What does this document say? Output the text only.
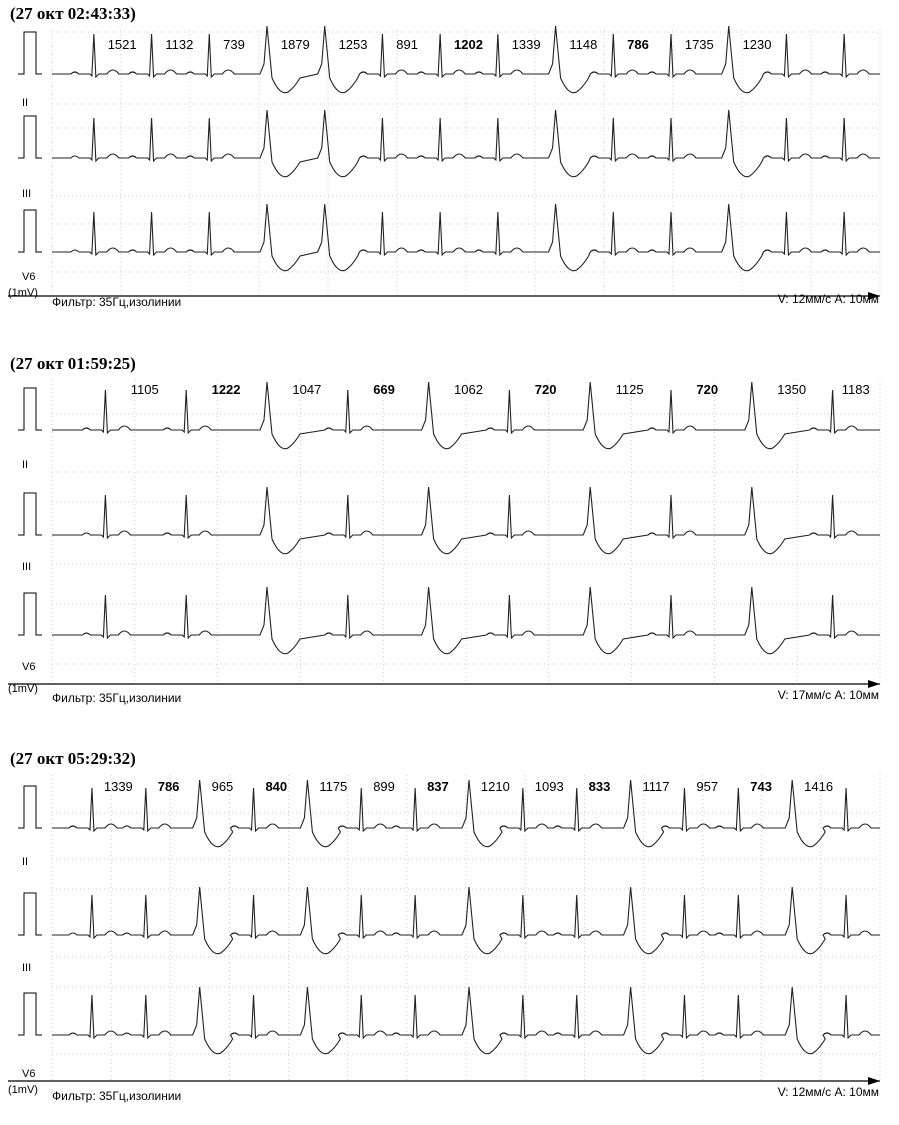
(27 окт 02:43:33)
II
III
V6
(1mV)
1521 1132 739	1879 1253 891	1202 1339 1148 786	1735 1230
Фильтр: 35Гц,изолинии	V: 12мм/с A: 10мм
(27 окт 01:59:25)
II
III
V6
(1mV)
1105	1222	1047	669	1062	720	1125	720	1350	1183
Фильтр: 35Гц,изолинии	V: 17мм/с A: 10мм
(27 окт 05:29:32)
II
III
V6
(1mV)
1339 786 965 840 1175 899 837 1210 1093 833 1117 957 743 1416
Фильтр: 35Гц,изолинии	V: 12мм/с A: 10мм
